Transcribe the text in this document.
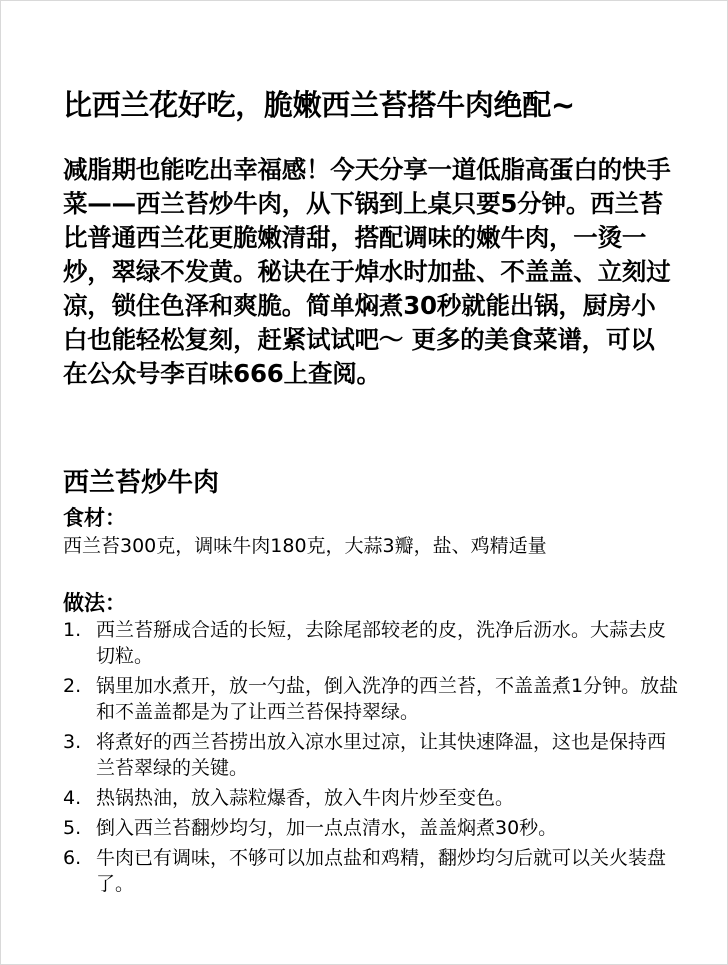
比西兰花好吃，脆嫩西兰苔搭牛肉绝配~

减脂期也能吃出幸福感！今天分享一道低脂高蛋白的快手菜——西兰苔炒牛肉，从下锅到上桌只要5分钟。西兰苔比普通西兰花更脆嫩清甜，搭配调味的嫩牛肉，一烫一炒，翠绿不发黄。秘诀在于焯水时加盐、不盖盖、立刻过凉，锁住色泽和爽脆。简单焖煮30秒就能出锅，厨房小白也能轻松复刻，赶紧试试吧～ 更多的美食菜谱，可以在公众号李百味666上查阅。

西兰苔炒牛肉
食材：

西兰苔300克，调味牛肉180克，大蒜3瓣，盐、鸡精适量

做法：
1. 西兰苔掰成合适的长短，去除尾部较老的皮，洗净后沥水。大蒜去皮切粒。
2. 锅里加水煮开，放一勺盐，倒入洗净的西兰苔，不盖盖煮1分钟。放盐和不盖盖都是为了让西兰苔保持翠绿。
3. 将煮好的西兰苔捞出放入凉水里过凉，让其快速降温，这也是保持西兰苔翠绿的关键。
4. 热锅热油，放入蒜粒爆香，放入牛肉片炒至变色。
5. 倒入西兰苔翻炒均匀，加一点点清水，盖盖焖煮30秒。
6. 牛肉已有调味，不够可以加点盐和鸡精，翻炒均匀后就可以关火装盘了。
